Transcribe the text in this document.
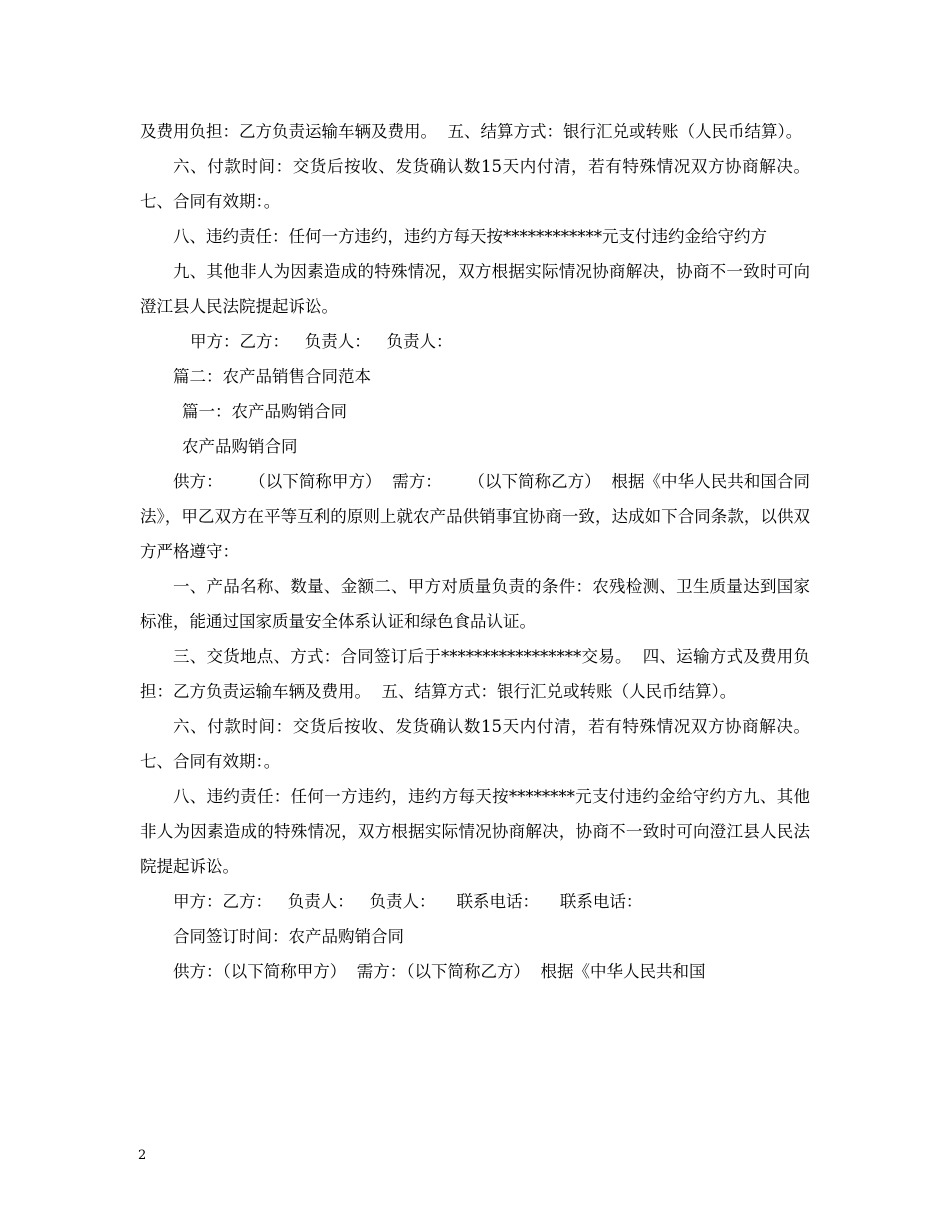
及费用负担：乙方负责运输车辆及费用。  五、结算方式：银行汇兑或转账（人民币结算）。

六、付款时间：交货后按收、发货确认数15天内付清，若有特殊情况双方协商解决。  七、合同有效期：。

八、违约责任：任何一方违约，违约方每天按************元支付违约金给守约方

九、其他非人为因素造成的特殊情况，双方根据实际情况协商解决，协商不一致时可向澄江县人民法院提起诉讼。

甲方：乙方：   负责人：   负责人：

篇二：农产品销售合同范本

篇一：农产品购销合同

农产品购销合同

供方：     （以下简称甲方）  需方：     （以下简称乙方）  根据《中华人民共和国合同法》，甲乙双方在平等互利的原则上就农产品供销事宜协商一致，达成如下合同条款，以供双方严格遵守：

一、产品名称、数量、金额二、甲方对质量负责的条件：农残检测、卫生质量达到国家标准，能通过国家质量安全体系认证和绿色食品认证。

三、交货地点、方式：合同签订后于*****************交易。  四、运输方式及费用负担：乙方负责运输车辆及费用。  五、结算方式：银行汇兑或转账（人民币结算）。

六、付款时间：交货后按收、发货确认数15天内付清，若有特殊情况双方协商解决。  七、合同有效期：。

八、违约责任：任何一方违约，违约方每天按********元支付违约金给守约方九、其他非人为因素造成的特殊情况，双方根据实际情况协商解决，协商不一致时可向澄江县人民法院提起诉讼。

甲方：乙方：   负责人：   负责人：    联系电话：    联系电话：

合同签订时间：农产品购销合同

供方：（以下简称甲方）  需方：（以下简称乙方）  根据《中华人民共和国

2
